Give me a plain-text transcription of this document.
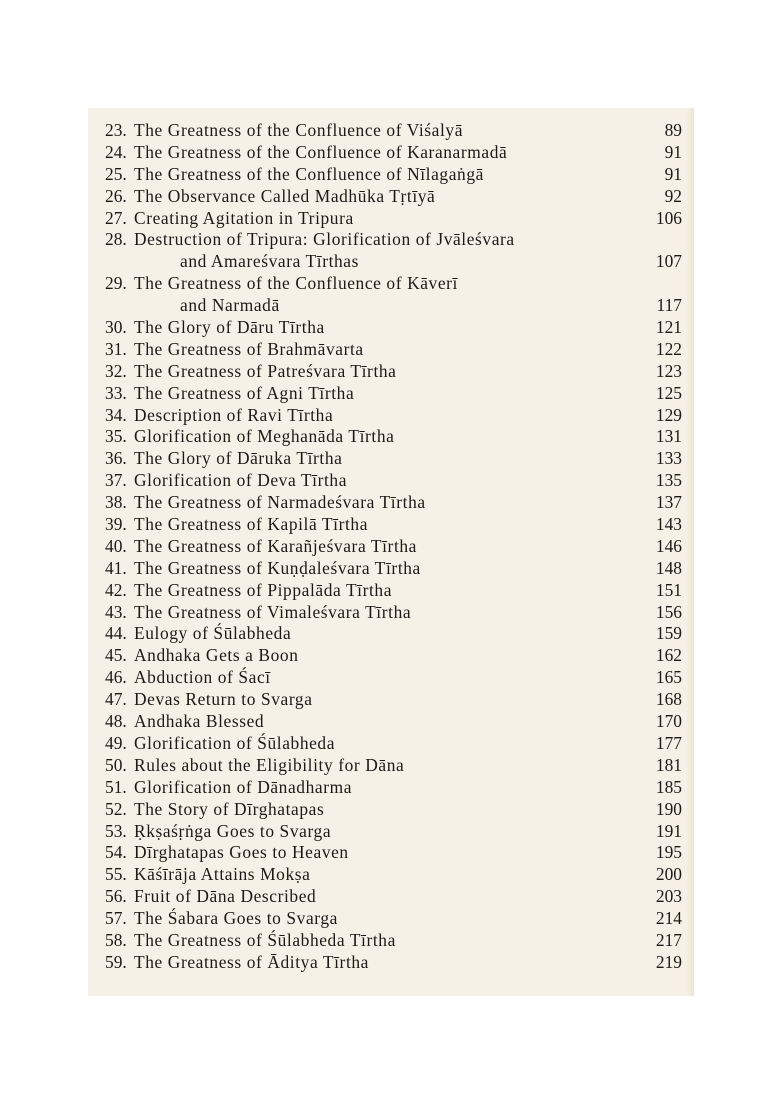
23. The Greatness of the Confluence of Viśalyā	89
24. The Greatness of the Confluence of Karanarmadā	91
25. The Greatness of the Confluence of Nīlagaṅgā	91
26. The Observance Called Madhūka Tṛtīyā	92
27. Creating Agitation in Tripura	106
28. Destruction of Tripura: Glorification of Jvāleśvara
and Amareśvara Tīrthas	107
29. The Greatness of the Confluence of Kāverī
and Narmadā	117
30. The Glory of Dāru Tīrtha	121
31. The Greatness of Brahmāvarta	122
32. The Greatness of Patreśvara Tīrtha	123
33. The Greatness of Agni Tīrtha	125
34. Description of Ravi Tīrtha	129
35. Glorification of Meghanāda Tīrtha	131
36. The Glory of Dāruka Tīrtha	133
37. Glorification of Deva Tīrtha	135
38. The Greatness of Narmadeśvara Tīrtha	137
39. The Greatness of Kapilā Tīrtha	143
40. The Greatness of Karañjeśvara Tīrtha	146
41. The Greatness of Kuṇḍaleśvara Tīrtha	148
42. The Greatness of Pippalāda Tīrtha	151
43. The Greatness of Vimaleśvara Tīrtha	156
44. Eulogy of Śūlabheda	159
45. Andhaka Gets a Boon	162
46. Abduction of Śacī	165
47. Devas Return to Svarga	168
48. Andhaka Blessed	170
49. Glorification of Śūlabheda	177
50. Rules about the Eligibility for Dāna	181
51. Glorification of Dānadharma	185
52. The Story of Dīrghatapas	190
53. Ṛkṣaśṛṅga Goes to Svarga	191
54. Dīrghatapas Goes to Heaven	195
55. Kāśīrāja Attains Mokṣa	200
56. Fruit of Dāna Described	203
57. The Śabara Goes to Svarga	214
58. The Greatness of Śūlabheda Tīrtha	217
59. The Greatness of Āditya Tīrtha	219
